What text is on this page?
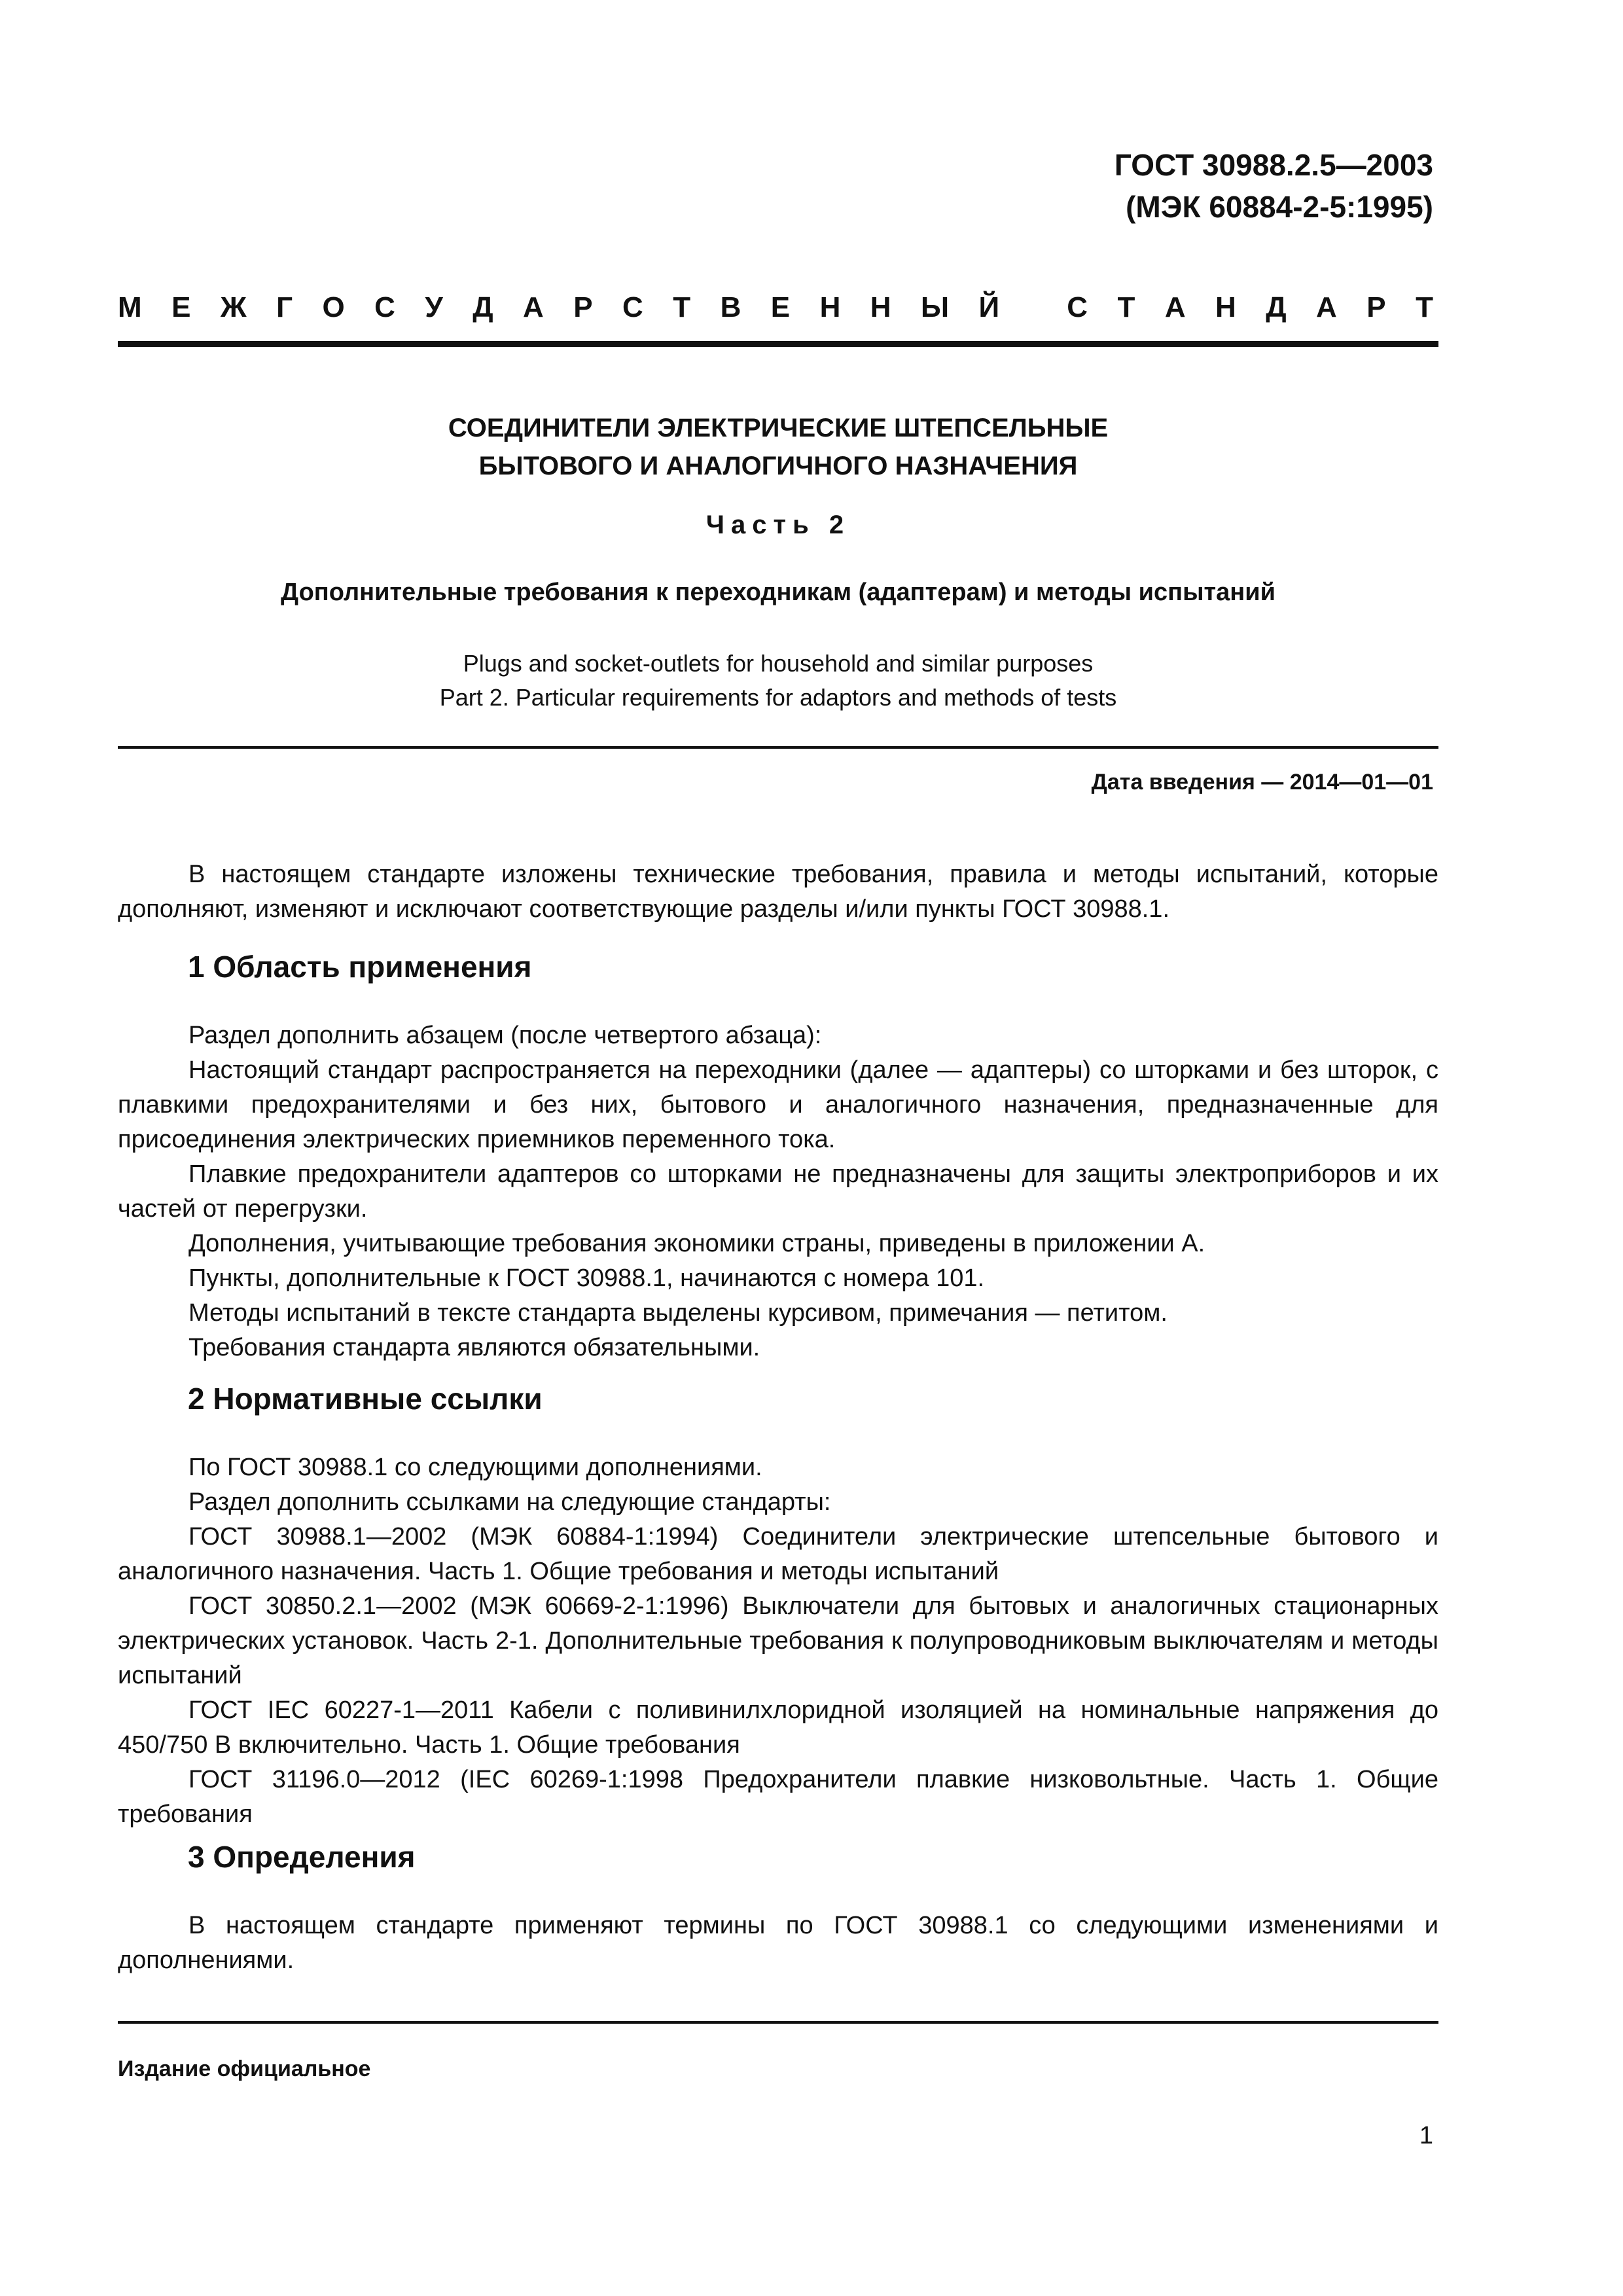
ГОСТ 30988.2.5—2003
(МЭК 60884-2-5:1995)
М Е Ж Г О С У Д А Р С Т В Е Н Н Ы Й
С Т А Н Д А Р Т
СОЕДИНИТЕЛИ ЭЛЕКТРИЧЕСКИЕ ШТЕПСЕЛЬНЫЕ
БЫТОВОГО И АНАЛОГИЧНОГО НАЗНАЧЕНИЯ
Часть 2
Дополнительные требования к переходникам (адаптерам) и методы испытаний
Plugs and socket-outlets for household and similar purposes
Part 2. Particular requirements for adaptors and methods of tests
Дата введения — 2014—01—01

В настоящем стандарте изложены технические требования, правила и методы испытаний, которые дополняют, изменяют и исключают соответствующие разделы и/или пункты ГОСТ 30988.1.

1 Область применения

Раздел дополнить абзацем (после четвертого абзаца):

Настоящий стандарт распространяется на переходники (далее — адаптеры) со шторками и без шторок, с плавкими предохранителями и без них, бытового и аналогичного назначения, предназначенные для присоединения электрических приемников переменного тока.

Плавкие предохранители адаптеров со шторками не предназначены для защиты электроприборов и их частей от перегрузки.

Дополнения, учитывающие требования экономики страны, приведены в приложении А.

Пункты, дополнительные к ГОСТ 30988.1, начинаются с номера 101.

Методы испытаний в тексте стандарта выделены курсивом, примечания — петитом.

Требования стандарта являются обязательными.

2 Нормативные ссылки

По ГОСТ 30988.1 со следующими дополнениями.

Раздел дополнить ссылками на следующие стандарты:

ГОСТ 30988.1—2002 (МЭК 60884-1:1994) Соединители электрические штепсельные бытового и аналогичного назначения. Часть 1. Общие требования и методы испытаний

ГОСТ 30850.2.1—2002 (МЭК 60669-2-1:1996) Выключатели для бытовых и аналогичных стационарных электрических установок. Часть 2-1. Дополнительные требования к полупроводниковым выключателям и методы испытаний

ГОСТ IEC 60227-1—2011 Кабели с поливинилхлоридной изоляцией на номинальные напряжения до 450/750 В включительно. Часть 1. Общие требования

ГОСТ 31196.0—2012 (IEC 60269-1:1998 Предохранители плавкие низковольтные. Часть 1. Общие требования

3 Определения

В настоящем стандарте применяют термины по ГОСТ 30988.1 со следующими изменениями и дополнениями.

Издание официальное
1
